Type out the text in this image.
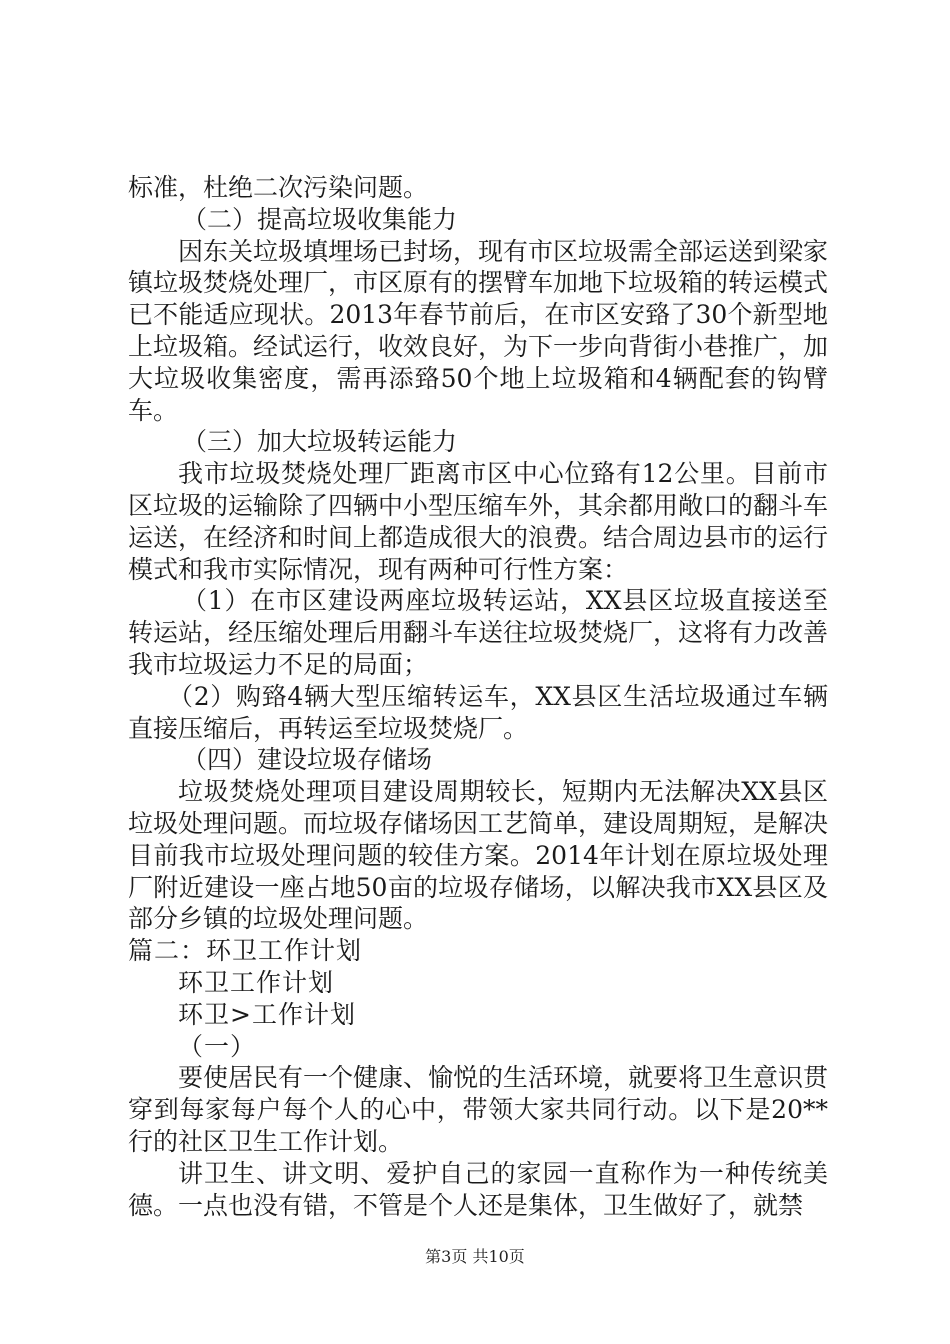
标准，杜绝二次污染问题。

（二）提高垃圾收集能力

因东关垃圾填埋场已封场，现有市区垃圾需全部运送到梁家镇垃圾焚烧处理厂，市区原有的摆臂车加地下垃圾箱的转运模式已不能适应现状。2013年春节前后，在市区安臵了30个新型地上垃圾箱。经试运行，收效良好，为下一步向背街小巷推广，加大垃圾收集密度，需再添臵50个地上垃圾箱和4辆配套的钩臂车。

（三）加大垃圾转运能力

我市垃圾焚烧处理厂距离市区中心位臵有12公里。目前市区垃圾的运输除了四辆中小型压缩车外，其余都用敞口的翻斗车运送，在经济和时间上都造成很大的浪费。结合周边县市的运行模式和我市实际情况，现有两种可行性方案：

（1）在市区建设两座垃圾转运站，XX县区垃圾直接送至转运站，经压缩处理后用翻斗车送往垃圾焚烧厂，这将有力改善我市垃圾运力不足的局面；

（2）购臵4辆大型压缩转运车，XX县区生活垃圾通过车辆直接压缩后，再转运至垃圾焚烧厂。

（四）建设垃圾存储场

垃圾焚烧处理项目建设周期较长，短期内无法解决XX县区垃圾处理问题。而垃圾存储场因工艺简单，建设周期短，是解决目前我市垃圾处理问题的较佳方案。2014年计划在原垃圾处理厂附近建设一座占地50亩的垃圾存储场，以解决我市XX县区及部分乡镇的垃圾处理问题。

篇二：环卫工作计划

环卫工作计划

环卫>工作计划

（一）

要使居民有一个健康、愉悦的生活环境，就要将卫生意识贯穿到每家每户每个人的心中，带领大家共同行动。以下是20**行的社区卫生工作计划。

讲卫生、讲文明、爱护自己的家园一直称作为一种传统美德。一点也没有错，不管是个人还是集体，卫生做好了，就禁

第3页 共10页
